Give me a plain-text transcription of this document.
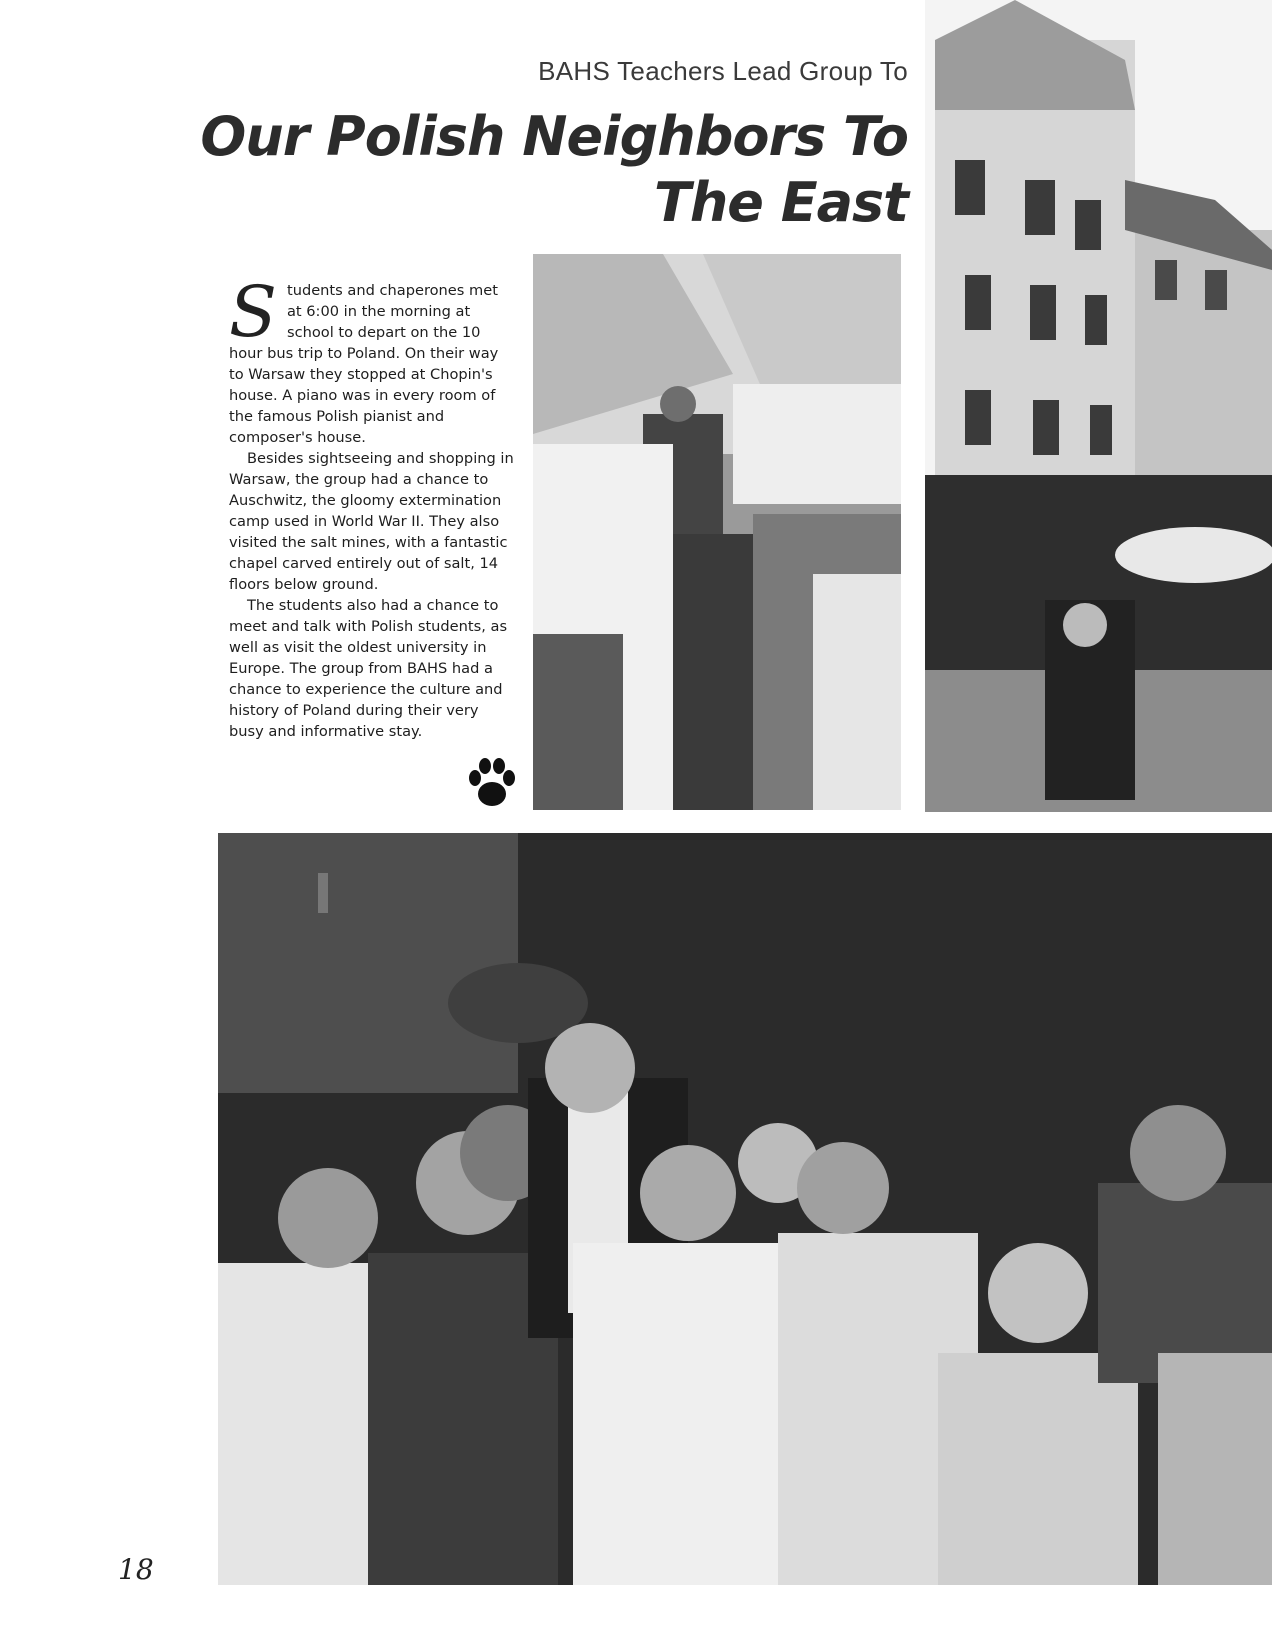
BAHS Teachers Lead Group To
Our Polish Neighbors To The East

Students and chaperones met at 6:00 in the morning at school to depart on the 10 hour bus trip to Poland. On their way to Warsaw they stopped at Chopin's house. A piano was in every room of the famous Polish pianist and composer's house.

Besides sightseeing and shopping in Warsaw, the group had a chance to Auschwitz, the gloomy extermination camp used in World War II. They also visited the salt mines, with a fantastic chapel carved entirely out of salt, 14 floors below ground.

The students also had a chance to meet and talk with Polish students, as well as visit the oldest university in Europe. The group from BAHS had a chance to experience the culture and history of Poland during their very busy and informative stay.

18
